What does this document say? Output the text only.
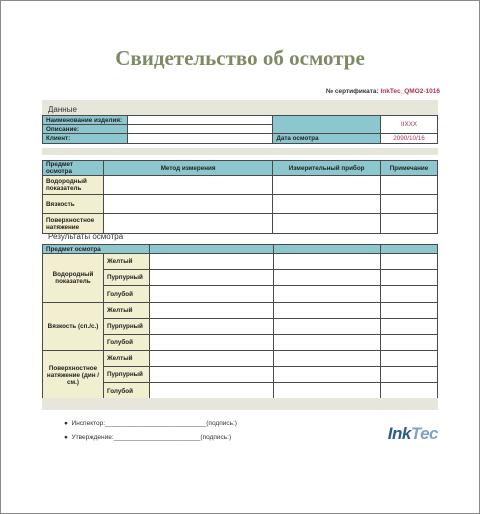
Свидетельство об осмотре
№ сертификата: InkTec_QMO2-1016
Данные
Наименование изделия:			IIXXX
Описание:			
Клиент:		Дата осмотра	2090/10/16
Предмет осмотра	Метод измерения	Измерительный прибор	Примечание
Водородный показатель			
Вязкость			
Поверхностное натяжение			
Результаты осмотра
Предмет осмотра				
Водородный показатель	Желтый			
	Пурпурный			
	Голубой			
Вязкость (сп./с.)	Желтый			
	Пурпурный			
	Голубой			
Поверхностное натяжение (дин / см.)	Желтый			
	Пурпурный			
	Голубой			
●  Инспектор:____________________________(подпись:)
●  Утверждение:________________________(подпись:)	InkTec
